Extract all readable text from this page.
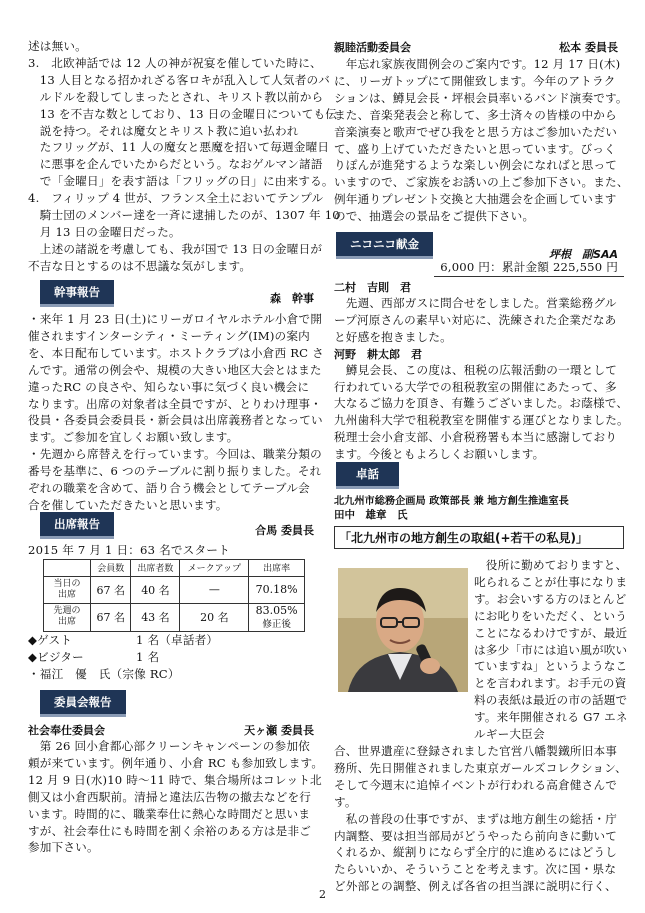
述は無い。
3.　北欧神話では 12 人の神が祝宴を催していた時に、
　13 人目となる招かれざる客ロキが乱入して人気者のバ
　ルドルを殺してしまったとされ、キリスト教以前から
　13 を不吉な数としており、13 日の金曜日についても伝
　説を持つ。それは魔女とキリスト教に追い払われ
　たフリッグが、11 人の魔女と悪魔を招いて毎週金曜日
　に悪事を企んでいたからだという。なおゲルマン諸語
　で「金曜日」を表す語は「フリッグの日」に由来する。
4.　フィリップ 4 世が、フランス全土においてテンプル
　騎士団のメンバー達を一斉に逮捕したのが、1307 年 10
　月 13 日の金曜日だった。
　上述の諸説を考慮しても、我が国で 13 日の金曜日が
不吉な日とするのは不思議な気がします。
幹事報告	森　幹事
・来年 1 月 23 日(土)にリーガロイヤルホテル小倉で開
催されますインターシティ・ミーティング(IM)の案内
を、本日配布しています。ホストクラブは小倉西 RC さ
んです。通常の例会や、規模の大きい地区大会とはまた
違ったRC の良さや、知らない事に気づく良い機会に
なります。出席の対象者は全員ですが、とりわけ理事・
役員・各委員会委員長・新会員は出席義務者となってい
ます。ご参加を宜しくお願い致します。
・先週から席替えを行っています。今回は、職業分類の
番号を基準に、6 つのテーブルに割り振りました。それ
ぞれの職業を含めて、語り合う機会としてテーブル会
合を催していただきたいと思います。
出席報告	合馬 委員長
2015 年 7 月 1 日：63 名でスタート
	会員数	出席者数	メークアップ	出席率
当日の
出席	67 名	40 名	—	70.18%
先週の
出席	67 名	43 名	20 名	83.05%
修正後
◆ゲスト	1 名（卓話者）
◆ビジター	1 名
・福江　優　氏（宗像 RC）
委員会報告
社会奉仕委員会	天ヶ瀬 委員長
　第 26 回小倉都心部クリーンキャンペーンの参加依
頼が来ています。例年通り、小倉 RC も参加致します。
12 月 9 日(水)10 時～11 時で、集合場所はコレット北
側又は小倉西駅前。清掃と違法広告物の撤去などを行
います。時間的に、職業奉仕に熱心な時間だと思いま
すが、社会奉仕にも時間を割く余裕のある方は是非ご
参加下さい。
親睦活動委員会	松本 委員長
　年忘れ家族夜間例会のご案内です。12 月 17 日(木)
に、リーガトップにて開催致します。今年のアトラク
ションは、鱒見会長・坪根会員率いるバンド演奏です。
また、音楽発表会と称して、多士済々の皆様の中から
音楽演奏と歌声でぜひ我をと思う方はご参加いただい
て、盛り上げていただきたいと思っています。びっく
りぽんが進発するような楽しい例会になればと思って
いますので、ご家族をお誘いの上ご参加下さい。また、
例年通りプレゼント交換と大抽選会を企画しています
ので、抽選会の景品をご提供下さい。
ニコニコ献金
坪根　副SAA
6,000 円：累計金額 225,550 円
二村　吉則　君
　先週、西部ガスに問合せをしました。営業総務グル
ープ河原さんの素早い対応に、洗練された企業だなあ
と好感を抱きました。
河野　耕太郎　君
　鱒見会長、この度は、租税の広報活動の一環として
行われている大学での租税教室の開催にあたって、多
大なるご協力を頂き、有難うございました。お蔭様で、
九州歯科大学で租税教室を開催する運びとなりました。
税理士会小倉支部、小倉税務署も本当に感謝しており
ます。今後ともよろしくお願いします。
卓話
北九州市総務企画局 政策部長 兼 地方創生推進室長
田中　雄章　氏
「北九州市の地方創生の取組(+若干の私見)」
　役所に勤めておりますと、
叱られることが仕事になりま
す。お会いする方のほとんど
にお叱りをいただく、という
ことになるわけですが、最近
は多少「市には追い風が吹い
ていますね」というようなこ
とを言われます。お手元の資
料の表紙は最近の市の話題で
す。来年開催される G7 エネ
ルギー大臣会
合、世界遺産に登録されました官営八幡製鐵所旧本事
務所、先日開催されました東京ガールズコレクション、
そして今週末に追悼イベントが行われる高倉健さんで
す。
　私の普段の仕事ですが、まずは地方創生の総括・庁
内調整、要は担当部局がどうやったら前向きに動いて
くれるか、縦割りにならず全庁的に進めるにはどうし
たらいいか、そういうことを考えます。次に国・県な
ど外部との調整、例えば各省の担当課に説明に行く、
2
